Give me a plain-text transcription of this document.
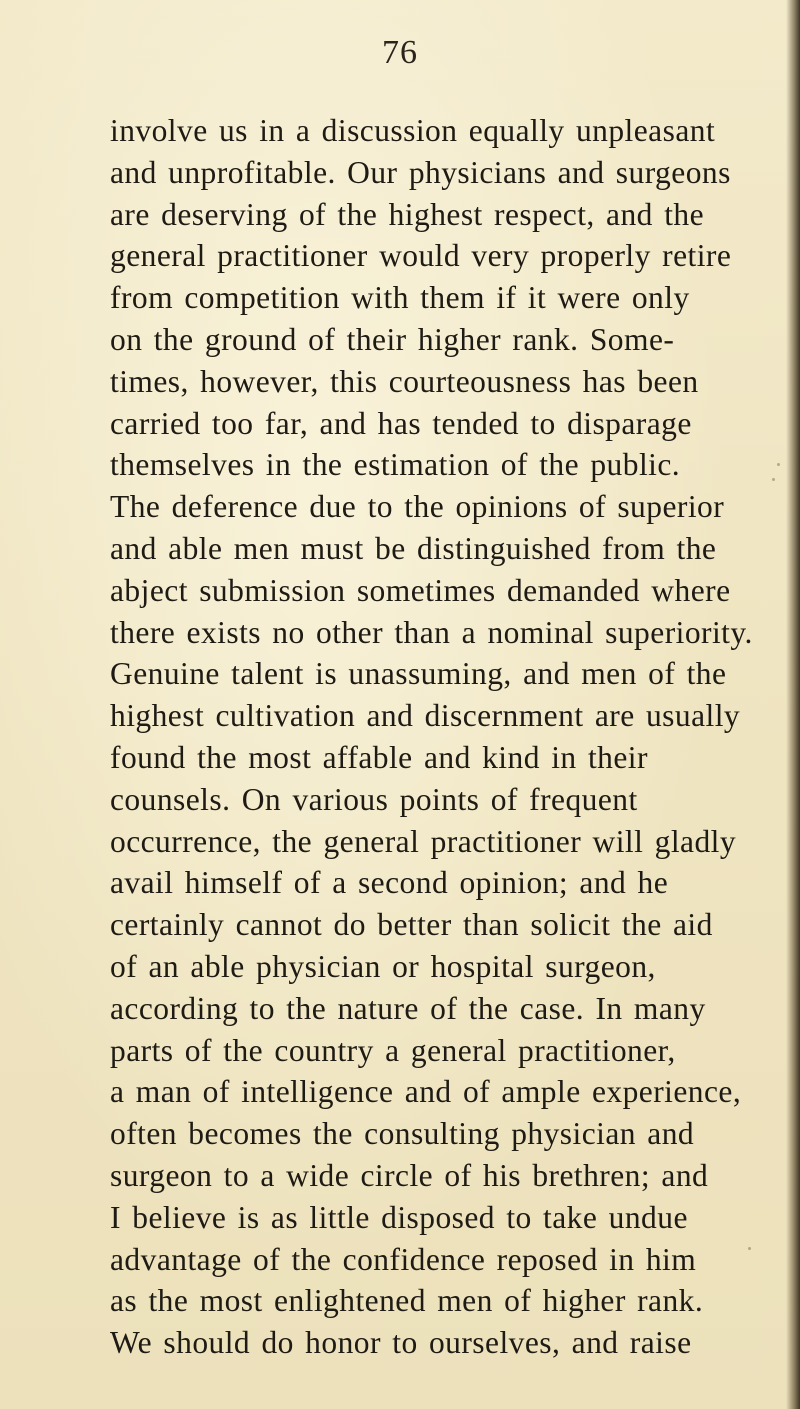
76
involve us in a discussion equally unpleasant
and unprofitable. Our physicians and surgeons
are deserving of the highest respect, and the
general practitioner would very properly retire
from competition with them if it were only
on the ground of their higher rank. Some-
times, however, this courteousness has been
carried too far, and has tended to disparage
themselves in the estimation of the public.
The deference due to the opinions of superior
and able men must be distinguished from the
abject submission sometimes demanded where
there exists no other than a nominal superiority.
Genuine talent is unassuming, and men of the
highest cultivation and discernment are usually
found the most affable and kind in their
counsels. On various points of frequent
occurrence, the general practitioner will gladly
avail himself of a second opinion; and he
certainly cannot do better than solicit the aid
of an able physician or hospital surgeon,
according to the nature of the case. In many
parts of the country a general practitioner,
a man of intelligence and of ample experience,
often becomes the consulting physician and
surgeon to a wide circle of his brethren; and
I believe is as little disposed to take undue
advantage of the confidence reposed in him
as the most enlightened men of higher rank.
We should do honor to ourselves, and raise
